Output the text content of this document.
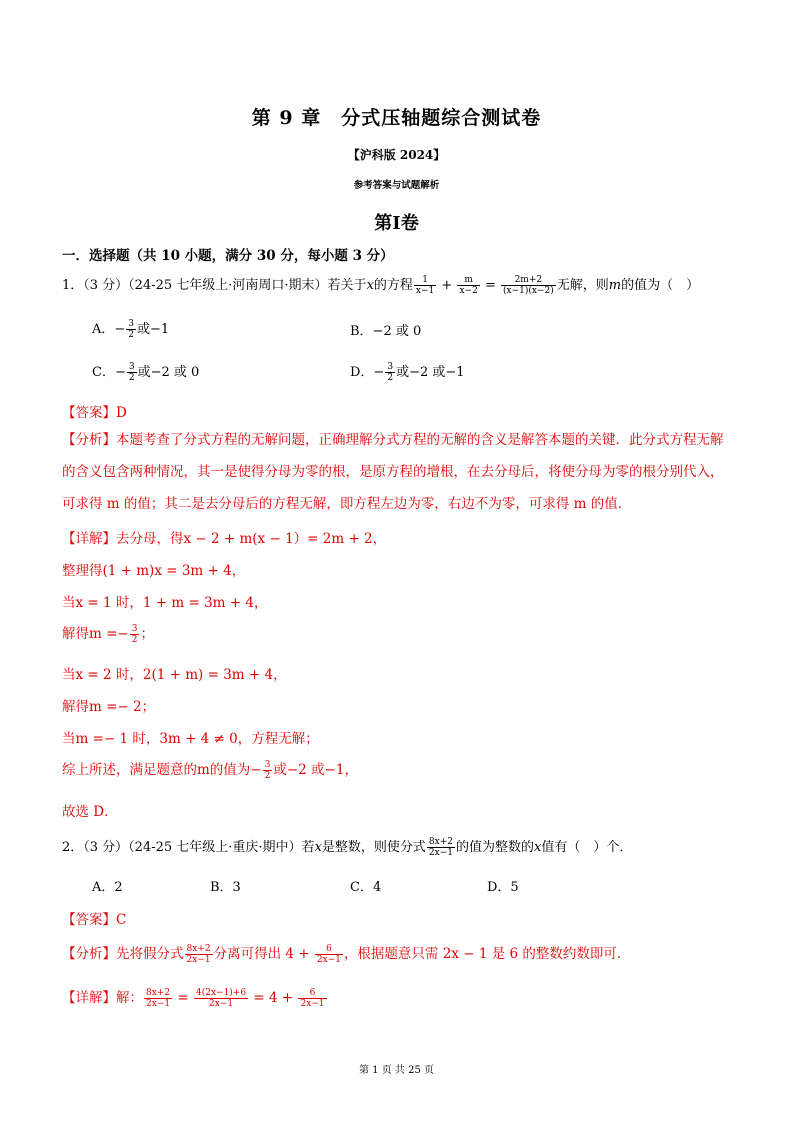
第 9 章　分式压轴题综合测试卷
【沪科版 2024】
参考答案与试题解析
第I卷
一．选择题（共 10 小题，满分 30 分，每小题 3 分）
1．（3 分）（24-25 七年级上·河南周口·期末）若关于x的方程 $\frac{1}{x-1} + \frac{m}{x-2} = \frac{2m+2}{(x-1)(x-2)}$ 无解，则m的值为（　）
A．− $\frac{3}{2}$ 或−1	B．−2 或 0
C．− $\frac{3}{2}$ 或−2 或 0	D．− $\frac{3}{2}$ 或−2 或−1
【答案】D
【分析】本题考查了分式方程的无解问题，正确理解分式方程的无解的含义是解答本题的关键．此分式方程无解的含义包含两种情况，其一是使得分母为零的根，是原方程的增根，在去分母后，将使分母为零的根分别代入，可求得 m 的值；其二是去分母后的方程无解，即方程左边为零，右边不为零，可求得 m 的值．
【详解】去分母，得x − 2 + m(x − 1）= 2m + 2，
整理得(1 + m)x = 3m + 4，
当x = 1 时，1 + m = 3m + 4，
解得$m =- \frac{3}{2}$ ；
当x = 2 时，2(1 + m) = 3m + 4，
解得m =− 2；
当m =− 1 时，3m + 4 ≠ 0，方程无解；
综上所述，满足题意的m的值为− $\frac{3}{2}$ 或−2 或−1，
故选 D．
2．（3 分）（24-25 七年级上·重庆·期中）若x是整数，则使分式 $\frac{8x+2}{2x-1}$ 的值为整数的x值有（　）个．
A．2	B．3	C．4	D．5
【答案】C
【分析】先将假分式 $\frac{8x+2}{2x-1}$ 分离可得出 $4 + \frac{6}{2x-1}$ ，根据题意只需 2x − 1 是 6 的整数约数即可．
【详解】解： $\frac{8x+2}{2x-1} = \frac{4(2x-1)+6}{2x-1} = 4 + \frac{6}{2x-1}$
第 1 页 共 25 页
